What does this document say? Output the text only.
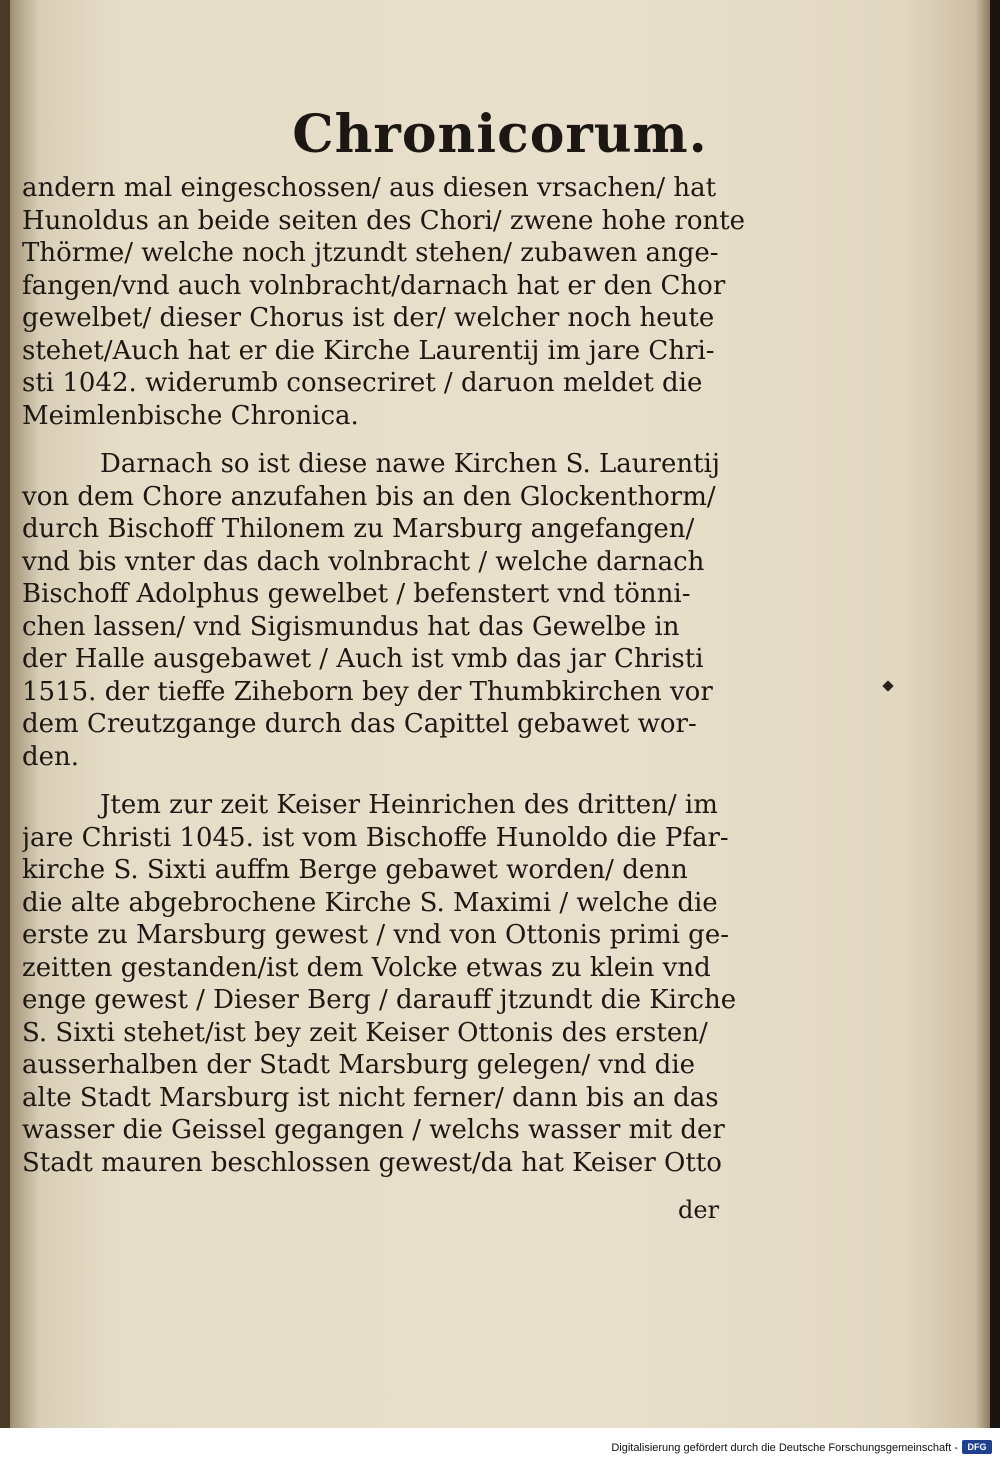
Chronicorum.
andern mal eingeschossen/ aus diesen vrsachen/ hat
Hunoldus an beide seiten des Chori/ zwene hohe ronte
Thörme/ welche noch jtzundt stehen/ zubawen ange-
fangen/vnd auch volnbracht/darnach hat er den Chor
gewelbet/ dieser Chorus ist der/ welcher noch heute
stehet/Auch hat er die Kirche Laurentij im jare Chri-
sti 1042. widerumb consecriret / daruon meldet die
Meimlenbische Chronica.
Darnach so ist diese nawe Kirchen S. Laurentij
von dem Chore anzufahen bis an den Glockenthorm/
durch Bischoff Thilonem zu Marsburg angefangen/
vnd bis vnter das dach volnbracht / welche darnach
Bischoff Adolphus gewelbet / befenstert vnd tönni-
chen lassen/ vnd Sigismundus hat das Gewelbe in
der Halle ausgebawet / Auch ist vmb das jar Christi
1515. der tieffe Ziheborn bey der Thumbkirchen vor
dem Creutzgange durch das Capittel gebawet wor-
den.
Jtem zur zeit Keiser Heinrichen des dritten/ im
jare Christi 1045. ist vom Bischoffe Hunoldo die Pfar-
kirche S. Sixti auffm Berge gebawet worden/ denn
die alte abgebrochene Kirche S. Maximi / welche die
erste zu Marsburg gewest / vnd von Ottonis primi ge-
zeitten gestanden/ist dem Volcke etwas zu klein vnd
enge gewest / Dieser Berg / darauff jtzundt die Kirche
S. Sixti stehet/ist bey zeit Keiser Ottonis des ersten/
ausserhalben der Stadt Marsburg gelegen/ vnd die
alte Stadt Marsburg ist nicht ferner/ dann bis an das
wasser die Geissel gegangen / welchs wasser mit der
Stadt mauren beschlossen gewest/da hat Keiser Otto
der
Digitalisierung gefördert durch die Deutsche Forschungsgemeinschaft -	DFG
